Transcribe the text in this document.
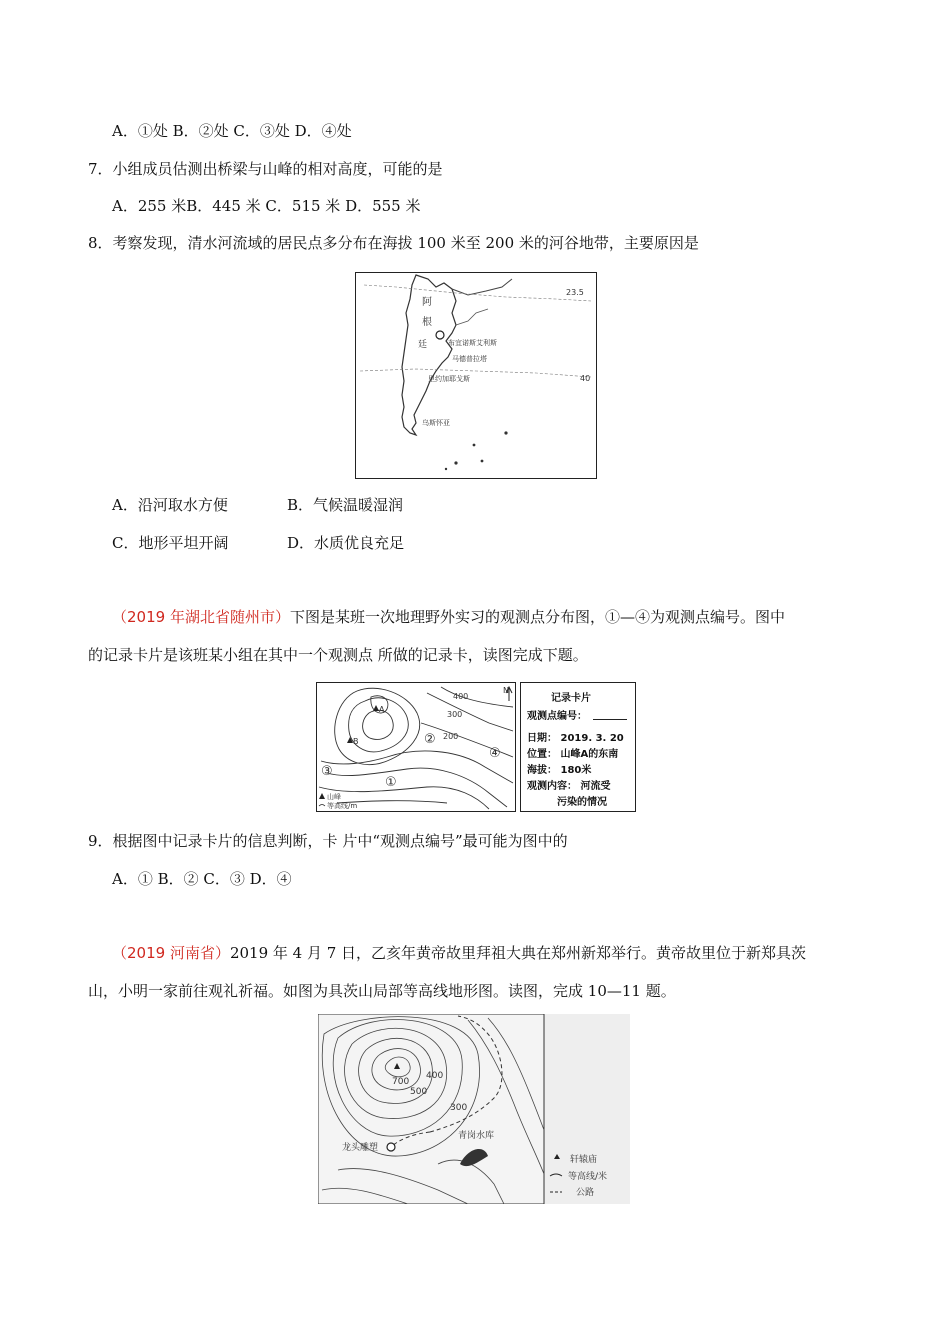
A．①处 B．②处 C．③处 D．④处
7．小组成员估测出桥梁与山峰的相对高度，可能的是
A．255 米B．445 米 C．515 米 D．555 米
8．考察发现，清水河流域的居民点多分布在海拔 100 米至 200 米的河谷地带，主要原因是
阿
根
廷	布宜诺斯艾利斯
马德普拉塔
里约加耶戈斯
乌斯怀亚
23.5
40
A．沿河取水方便	B．气候温暖湿润
C．地形平坦开阔	D．水质优良充足
（2019 年湖北省随州市）下图是某班一次地理野外实习的观测点分布图，①—④为观测点编号。图中
的记录卡片是该班某小组在其中一个观测点 所做的记录卡，读图完成下题。
400
300
200
①
②
③
④
A
B
N
山峰
等高线/m
记录卡片
观测点编号：
日期： 2019. 3. 20
位置： 山峰A的东南
海拔： 180米
观测内容： 河流受
污染的情况
9．根据图中记录卡片的信息判断，卡 片中“观测点编号”最可能为图中的
A．① B．② C．③ D．④
（2019 河南省）2019 年 4 月 7 日，乙亥年黄帝故里拜祖大典在郑州新郑举行。黄帝故里位于新郑具茨
山，小明一家前往观礼祈福。如图为具茨山局部等高线地形图。读图，完成 10—11 题。
700
500
400
300
龙头雕塑
青岗水库
轩辕庙
等高线/米
公路
